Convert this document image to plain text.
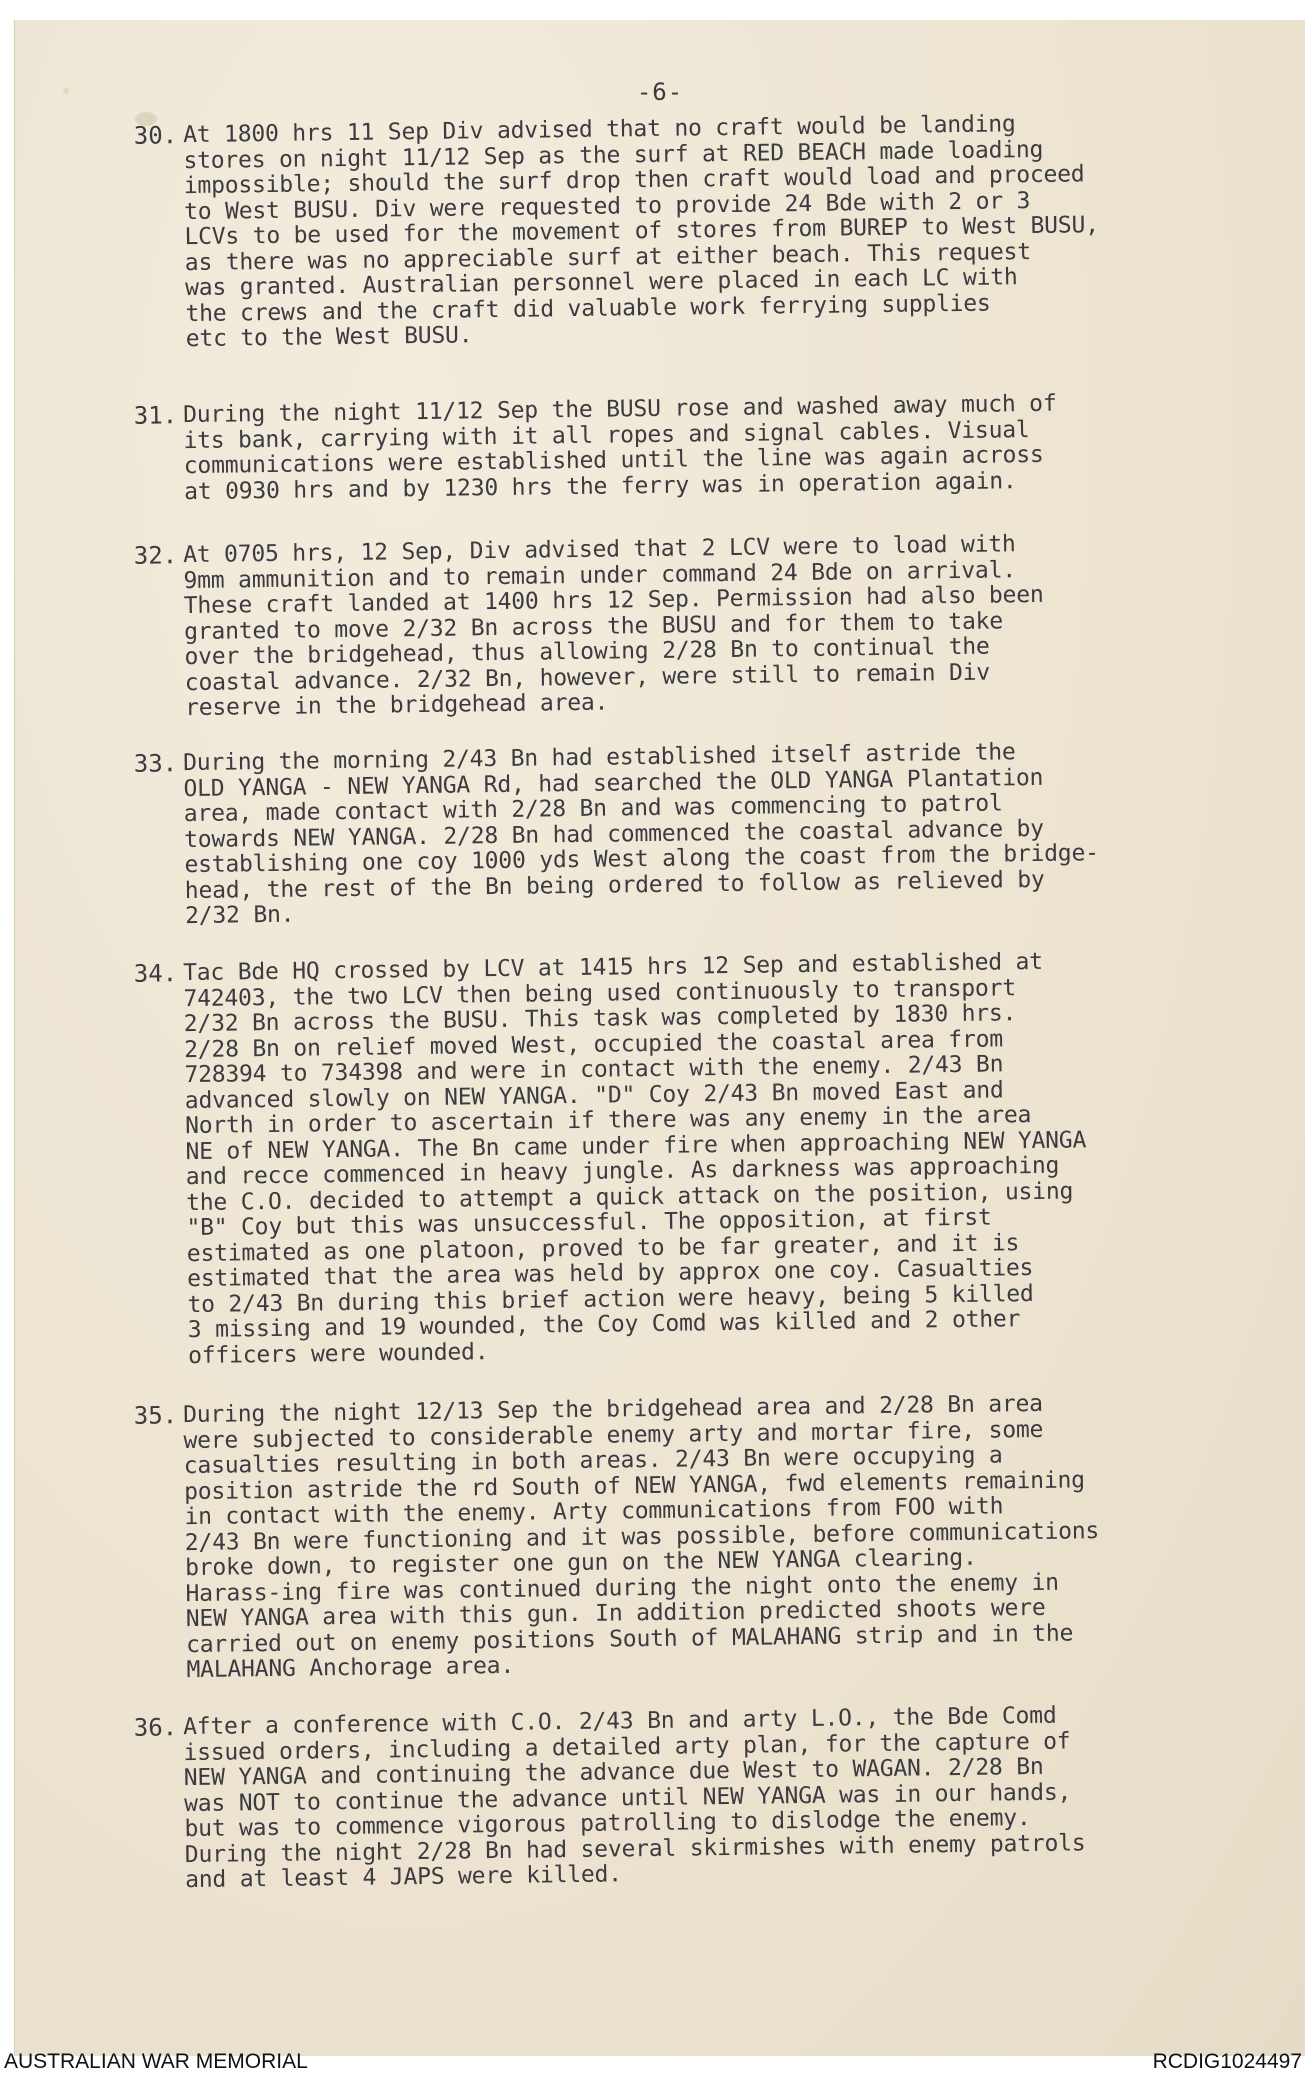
-6-
30. At 1800 hrs 11 Sep Div advised that no craft would be landing
stores on night 11/12 Sep as the surf at RED BEACH made loading
impossible; should the surf drop then craft would load and proceed
to West BUSU. Div were requested to provide 24 Bde with 2 or 3
LCVs to be used for the movement of stores from BUREP to West BUSU,
as there was no appreciable surf at either beach. This request
was granted. Australian personnel were placed in each LC with
the crews and the craft did valuable work ferrying supplies
etc to the West BUSU.
31. During the night 11/12 Sep the BUSU rose and washed away much of
its bank, carrying with it all ropes and signal cables. Visual
communications were established until the line was again across
at 0930 hrs and by 1230 hrs the ferry was in operation again.
32. At 0705 hrs, 12 Sep, Div advised that 2 LCV were to load with
9mm ammunition and to remain under command 24 Bde on arrival.
These craft landed at 1400 hrs 12 Sep. Permission had also been
granted to move 2/32 Bn across the BUSU and for them to take
over the bridgehead, thus allowing 2/28 Bn to continual the
coastal advance. 2/32 Bn, however, were still to remain Div
reserve in the bridgehead area.
33. During the morning 2/43 Bn had established itself astride the
OLD YANGA - NEW YANGA Rd, had searched the OLD YANGA Plantation
area, made contact with 2/28 Bn and was commencing to patrol
towards NEW YANGA. 2/28 Bn had commenced the coastal advance by
establishing one coy 1000 yds West along the coast from the bridge-
head, the rest of the Bn being ordered to follow as relieved by
2/32 Bn.
34. Tac Bde HQ crossed by LCV at 1415 hrs 12 Sep and established at
742403, the two LCV then being used continuously to transport
2/32 Bn across the BUSU. This task was completed by 1830 hrs.
2/28 Bn on relief moved West, occupied the coastal area from
728394 to 734398 and were in contact with the enemy. 2/43 Bn
advanced slowly on NEW YANGA. "D" Coy 2/43 Bn moved East and
North in order to ascertain if there was any enemy in the area
NE of NEW YANGA. The Bn came under fire when approaching NEW YANGA
and recce commenced in heavy jungle. As darkness was approaching
the C.O. decided to attempt a quick attack on the position, using
"B" Coy but this was unsuccessful. The opposition, at first
estimated as one platoon, proved to be far greater, and it is
estimated that the area was held by approx one coy. Casualties
to 2/43 Bn during this brief action were heavy, being 5 killed
3 missing and 19 wounded, the Coy Comd was killed and 2 other
officers were wounded.
35. During the night 12/13 Sep the bridgehead area and 2/28 Bn area
were subjected to considerable enemy arty and mortar fire, some
casualties resulting in both areas. 2/43 Bn were occupying a
position astride the rd South of NEW YANGA, fwd elements remaining
in contact with the enemy. Arty communications from FOO with
2/43 Bn were functioning and it was possible, before communications
broke down, to register one gun on the NEW YANGA clearing.
Harass-ing fire was continued during the night onto the enemy in
NEW YANGA area with this gun. In addition predicted shoots were
carried out on enemy positions South of MALAHANG strip and in the
MALAHANG Anchorage area.
36. After a conference with C.O. 2/43 Bn and arty L.O., the Bde Comd
issued orders, including a detailed arty plan, for the capture of
NEW YANGA and continuing the advance due West to WAGAN. 2/28 Bn
was NOT to continue the advance until NEW YANGA was in our hands,
but was to commence vigorous patrolling to dislodge the enemy.
During the night 2/28 Bn had several skirmishes with enemy patrols
and at least 4 JAPS were killed.
AUSTRALIAN WAR MEMORIAL	RCDIG1024497
